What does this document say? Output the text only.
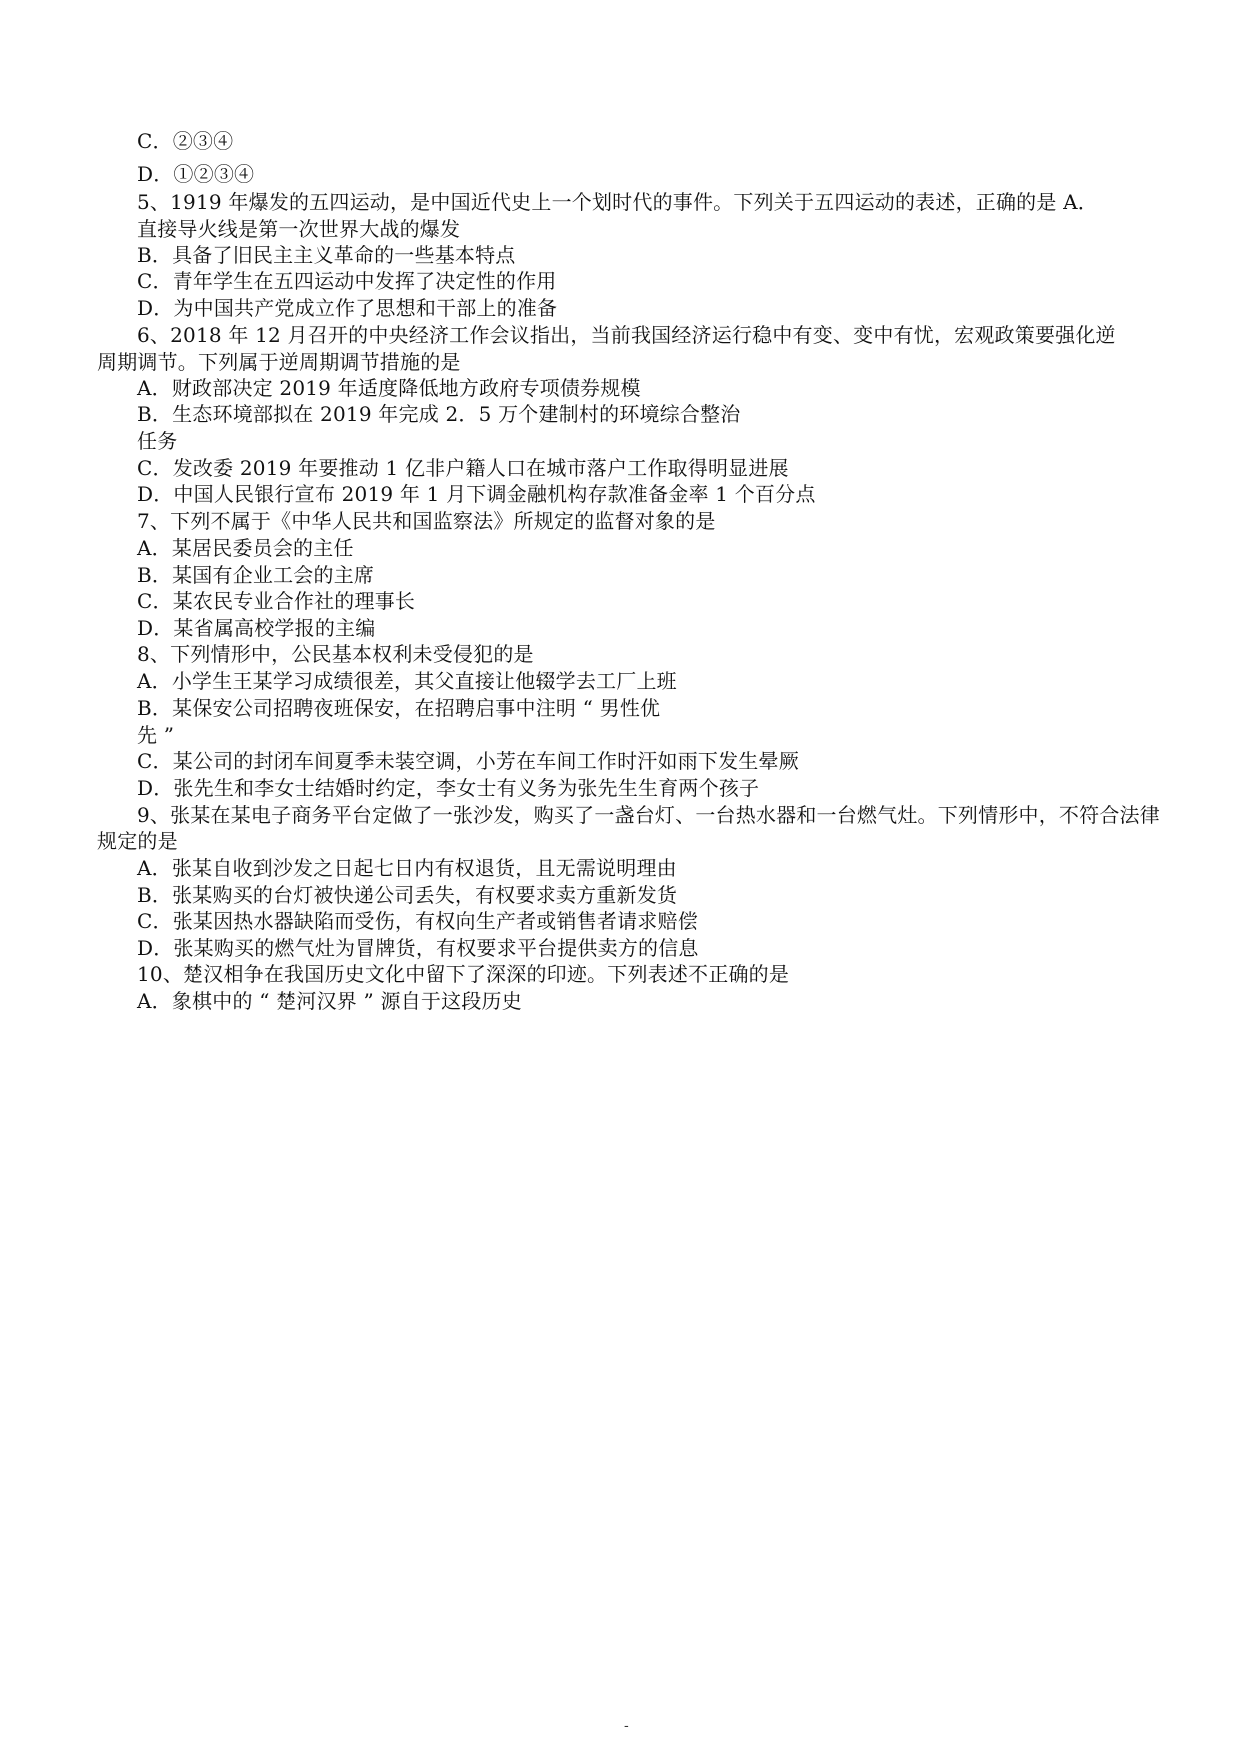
C．②③④
D．①②③④
5、1919 年爆发的五四运动，是中国近代史上一个划时代的事件。下列关于五四运动的表述，正确的是 A．
直接导火线是第一次世界大战的爆发
B．具备了旧民主主义革命的一些基本特点
C．青年学生在五四运动中发挥了决定性的作用
D．为中国共产党成立作了思想和干部上的准备
6、2018 年 12 月召开的中央经济工作会议指出，当前我国经济运行稳中有变、变中有忧，宏观政策要强化逆
周期调节。下列属于逆周期调节措施的是
A．财政部决定 2019 年适度降低地方政府专项债券规模
B．生态环境部拟在 2019 年完成 2．5 万个建制村的环境综合整治
任务
C．发改委 2019 年要推动 1 亿非户籍人口在城市落户工作取得明显进展
D．中国人民银行宣布 2019 年 1 月下调金融机构存款准备金率 1 个百分点
7、下列不属于《中华人民共和国监察法》所规定的监督对象的是
A．某居民委员会的主任
B．某国有企业工会的主席
C．某农民专业合作社的理事长
D．某省属高校学报的主编
8、下列情形中，公民基本权利未受侵犯的是
A．小学生王某学习成绩很差，其父直接让他辍学去工厂上班
B．某保安公司招聘夜班保安，在招聘启事中注明 “ 男性优
先 ”
C．某公司的封闭车间夏季未装空调，小芳在车间工作时汗如雨下发生晕厥
D．张先生和李女士结婚时约定，李女士有义务为张先生生育两个孩子
9、张某在某电子商务平台定做了一张沙发，购买了一盏台灯、一台热水器和一台燃气灶。下列情形中，不符合法律
规定的是
A．张某自收到沙发之日起七日内有权退货，且无需说明理由
B．张某购买的台灯被快递公司丢失，有权要求卖方重新发货
C．张某因热水器缺陷而受伤，有权向生产者或销售者请求赔偿
D．张某购买的燃气灶为冒牌货，有权要求平台提供卖方的信息
10、楚汉相争在我国历史文化中留下了深深的印迹。下列表述不正确的是
A．象棋中的 “ 楚河汉界 ” 源自于这段历史
-
